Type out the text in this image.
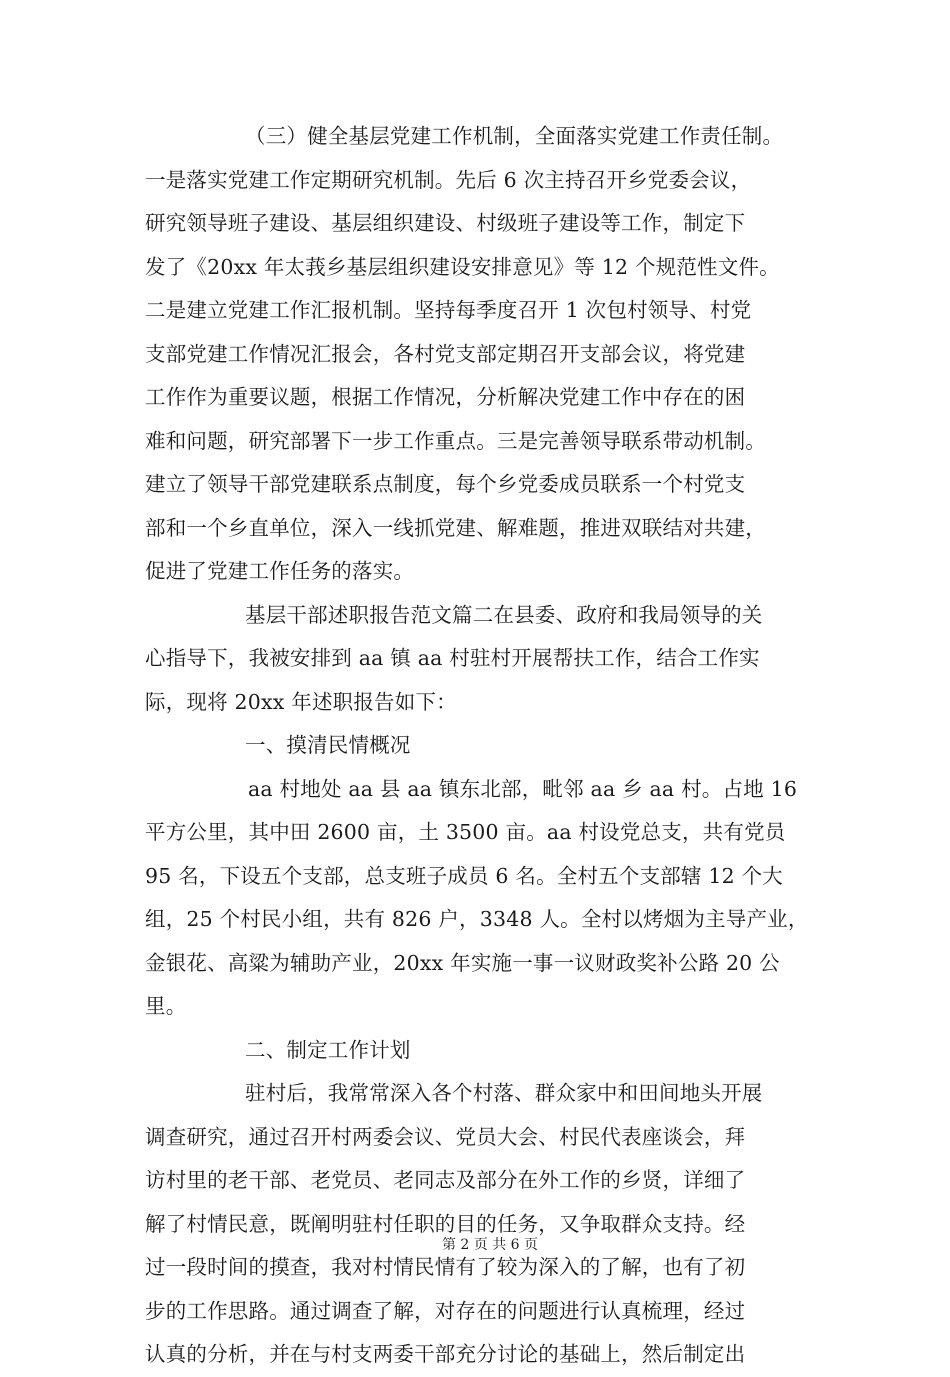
（三）健全基层党建工作机制，全面落实党建工作责任制。
一是落实党建工作定期研究机制。先后 6 次主持召开乡党委会议，
研究领导班子建设、基层组织建设、村级班子建设等工作，制定下
发了《20xx 年太莪乡基层组织建设安排意见》等 12 个规范性文件。
二是建立党建工作汇报机制。坚持每季度召开 1 次包村领导、村党
支部党建工作情况汇报会，各村党支部定期召开支部会议，将党建
工作作为重要议题，根据工作情况，分析解决党建工作中存在的困
难和问题，研究部署下一步工作重点。三是完善领导联系带动机制。
建立了领导干部党建联系点制度，每个乡党委成员联系一个村党支
部和一个乡直单位，深入一线抓党建、解难题，推进双联结对共建，
促进了党建工作任务的落实。
基层干部述职报告范文篇二在县委、政府和我局领导的关
心指导下，我被安排到 aa 镇 aa 村驻村开展帮扶工作，结合工作实
际，现将 20xx 年述职报告如下：
一、摸清民情概况
aa 村地处 aa 县 aa 镇东北部，毗邻 aa 乡 aa 村。占地 16
平方公里，其中田 2600 亩，土 3500 亩。aa 村设党总支，共有党员
95 名，下设五个支部，总支班子成员 6 名。全村五个支部辖 12 个大
组，25 个村民小组，共有 826 户，3348 人。全村以烤烟为主导产业，
金银花、高粱为辅助产业，20xx 年实施一事一议财政奖补公路 20 公
里。
二、制定工作计划
驻村后，我常常深入各个村落、群众家中和田间地头开展
调查研究，通过召开村两委会议、党员大会、村民代表座谈会，拜
访村里的老干部、老党员、老同志及部分在外工作的乡贤，详细了
解了村情民意，既阐明驻村任职的目的任务，又争取群众支持。经
过一段时间的摸查，我对村情民情有了较为深入的了解，也有了初
步的工作思路。通过调查了解，对存在的问题进行认真梳理，经过
认真的分析，并在与村支两委干部充分讨论的基础上，然后制定出
第 2 页 共 6 页
